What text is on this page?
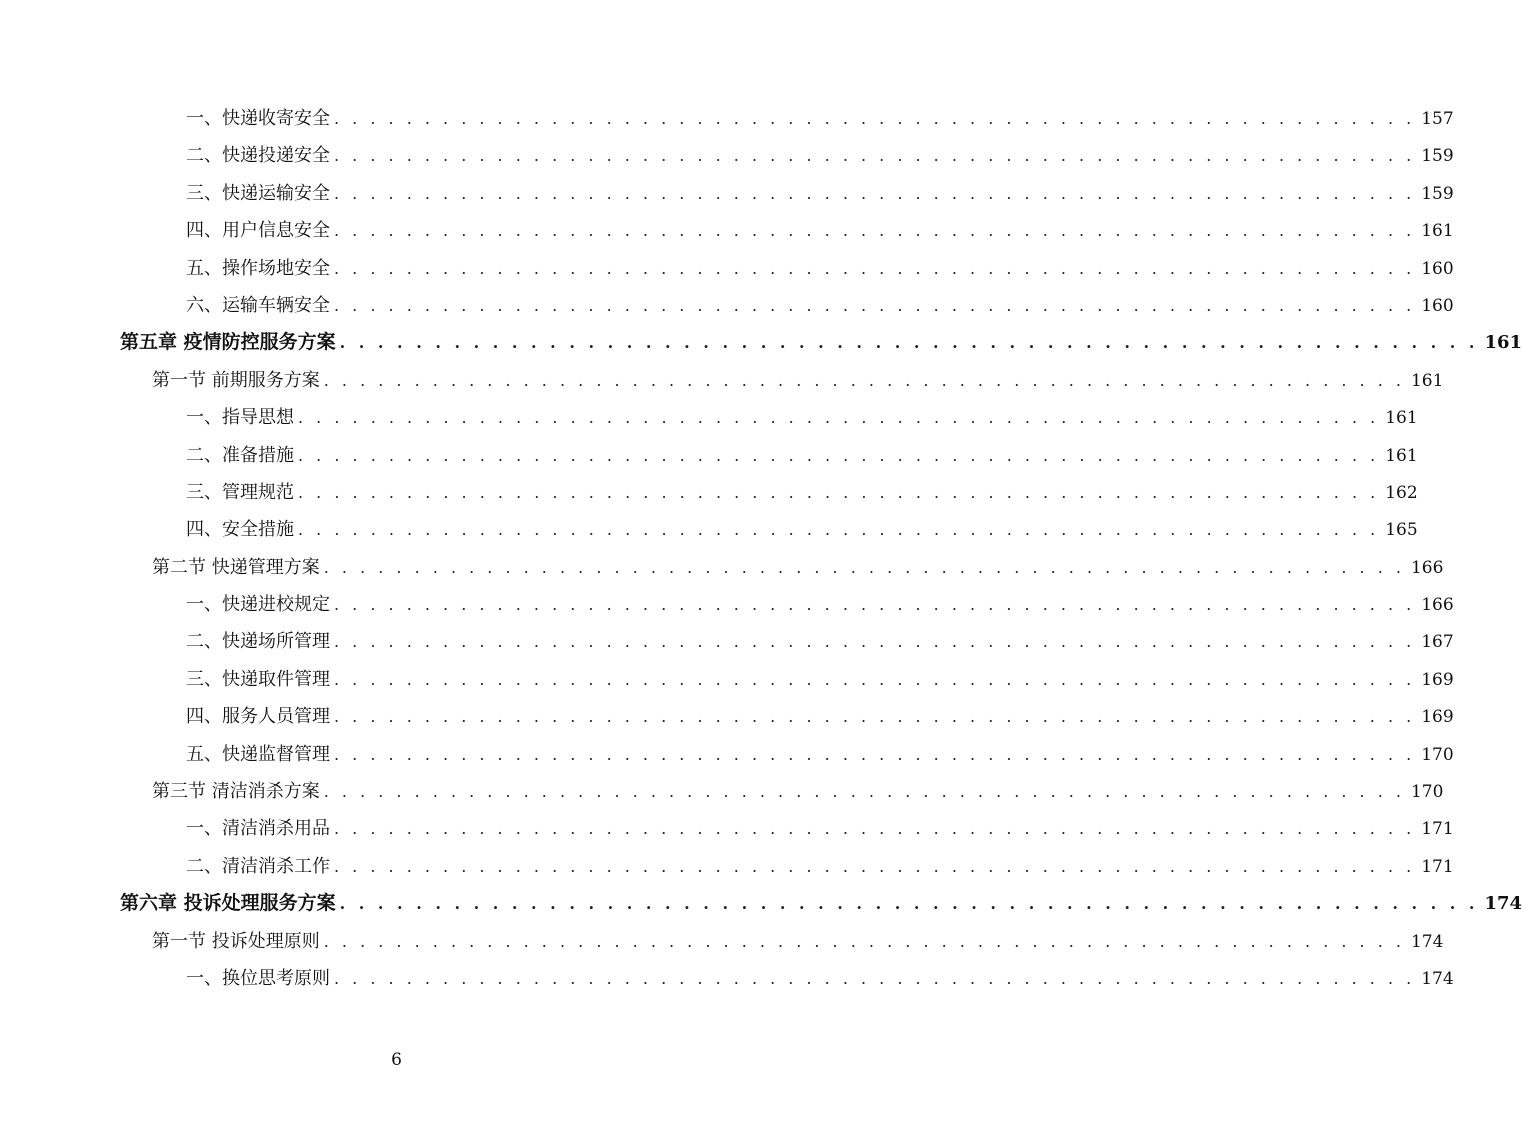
一、快递收寄安全 . . . . . . . . . . . . . . . . . . . . . . . . . . . . . . . . . . . . . . . . . . . . . . . . . . . . . . . . . . . . 157
二、快递投递安全 . . . . . . . . . . . . . . . . . . . . . . . . . . . . . . . . . . . . . . . . . . . . . . . . . . . . . . . . . . . . 159
三、快递运输安全 . . . . . . . . . . . . . . . . . . . . . . . . . . . . . . . . . . . . . . . . . . . . . . . . . . . . . . . . . . . . 159
四、用户信息安全 . . . . . . . . . . . . . . . . . . . . . . . . . . . . . . . . . . . . . . . . . . . . . . . . . . . . . . . . . . . . 161
五、操作场地安全 . . . . . . . . . . . . . . . . . . . . . . . . . . . . . . . . . . . . . . . . . . . . . . . . . . . . . . . . . . . . 160
六、运输车辆安全 . . . . . . . . . . . . . . . . . . . . . . . . . . . . . . . . . . . . . . . . . . . . . . . . . . . . . . . . . . . . 160
第五章 疫情防控服务方案 . . . . . . . . . . . . . . . . . . . . . . . . . . . . . . . . . . . . . . . . . . . . . . . . . . . . . . . . . . . . 161
第一节 前期服务方案 . . . . . . . . . . . . . . . . . . . . . . . . . . . . . . . . . . . . . . . . . . . . . . . . . . . . . . . . . . . . 161
一、指导思想 . . . . . . . . . . . . . . . . . . . . . . . . . . . . . . . . . . . . . . . . . . . . . . . . . . . . . . . . . . . . 161
二、准备措施 . . . . . . . . . . . . . . . . . . . . . . . . . . . . . . . . . . . . . . . . . . . . . . . . . . . . . . . . . . . . 161
三、管理规范 . . . . . . . . . . . . . . . . . . . . . . . . . . . . . . . . . . . . . . . . . . . . . . . . . . . . . . . . . . . . 162
四、安全措施 . . . . . . . . . . . . . . . . . . . . . . . . . . . . . . . . . . . . . . . . . . . . . . . . . . . . . . . . . . . . 165
第二节 快递管理方案 . . . . . . . . . . . . . . . . . . . . . . . . . . . . . . . . . . . . . . . . . . . . . . . . . . . . . . . . . . . . 166
一、快递进校规定 . . . . . . . . . . . . . . . . . . . . . . . . . . . . . . . . . . . . . . . . . . . . . . . . . . . . . . . . . . . . 166
二、快递场所管理 . . . . . . . . . . . . . . . . . . . . . . . . . . . . . . . . . . . . . . . . . . . . . . . . . . . . . . . . . . . . 167
三、快递取件管理 . . . . . . . . . . . . . . . . . . . . . . . . . . . . . . . . . . . . . . . . . . . . . . . . . . . . . . . . . . . . 169
四、服务人员管理 . . . . . . . . . . . . . . . . . . . . . . . . . . . . . . . . . . . . . . . . . . . . . . . . . . . . . . . . . . . . 169
五、快递监督管理 . . . . . . . . . . . . . . . . . . . . . . . . . . . . . . . . . . . . . . . . . . . . . . . . . . . . . . . . . . . . 170
第三节 清洁消杀方案 . . . . . . . . . . . . . . . . . . . . . . . . . . . . . . . . . . . . . . . . . . . . . . . . . . . . . . . . . . . . 170
一、清洁消杀用品 . . . . . . . . . . . . . . . . . . . . . . . . . . . . . . . . . . . . . . . . . . . . . . . . . . . . . . . . . . . . 171
二、清洁消杀工作 . . . . . . . . . . . . . . . . . . . . . . . . . . . . . . . . . . . . . . . . . . . . . . . . . . . . . . . . . . . . 171
第六章 投诉处理服务方案 . . . . . . . . . . . . . . . . . . . . . . . . . . . . . . . . . . . . . . . . . . . . . . . . . . . . . . . . . . . . 174
第一节 投诉处理原则 . . . . . . . . . . . . . . . . . . . . . . . . . . . . . . . . . . . . . . . . . . . . . . . . . . . . . . . . . . . . 174
一、换位思考原则 . . . . . . . . . . . . . . . . . . . . . . . . . . . . . . . . . . . . . . . . . . . . . . . . . . . . . . . . . . . . 174
6
